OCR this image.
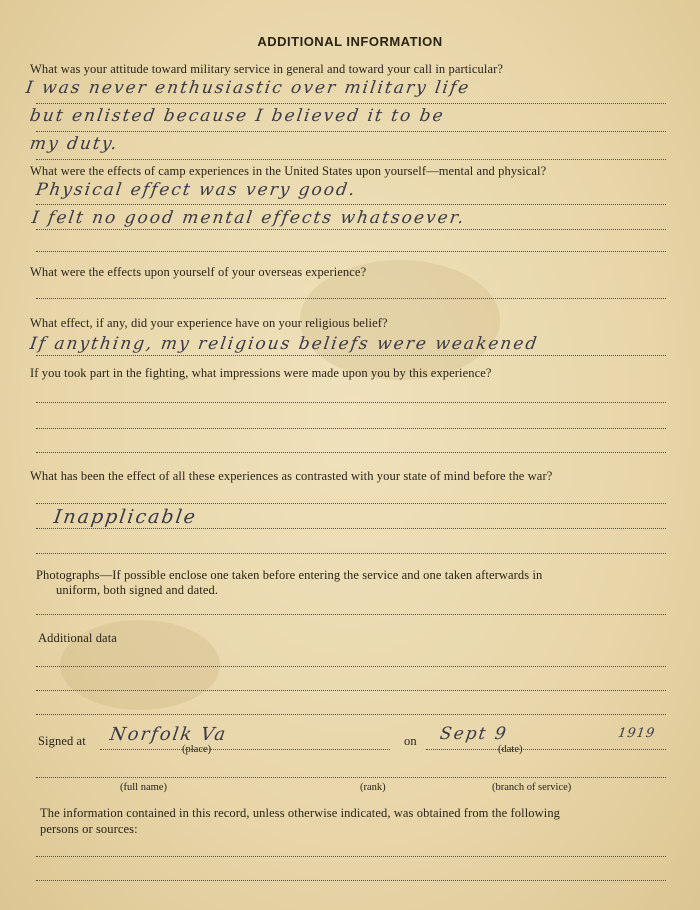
ADDITIONAL INFORMATION
What was your attitude toward military service in general and toward your call in particular?
I was never enthusiastic over military life
but enlisted because I believed it to be
my duty.
What were the effects of camp experiences in the United States upon yourself—mental and physical?
Physical effect was very good.
I felt no good mental effects whatsoever.
What were the effects upon yourself of your overseas experience?
What effect, if any, did your experience have on your religious belief?
If anything, my religious beliefs were weakened
If you took part in the fighting, what impressions were made upon you by this experience?
What has been the effect of all these experiences as contrasted with your state of mind before the war?
Inapplicable
Photographs—If possible enclose one taken before entering the service and one taken afterwards in
uniform, both signed and dated.
Additional data
Signed at Norfolk Va
(place)
on Sept 9	1919
(date)
(full name)	(rank)	(branch of service)
The information contained in this record, unless otherwise indicated, was obtained from the following
persons or sources:
